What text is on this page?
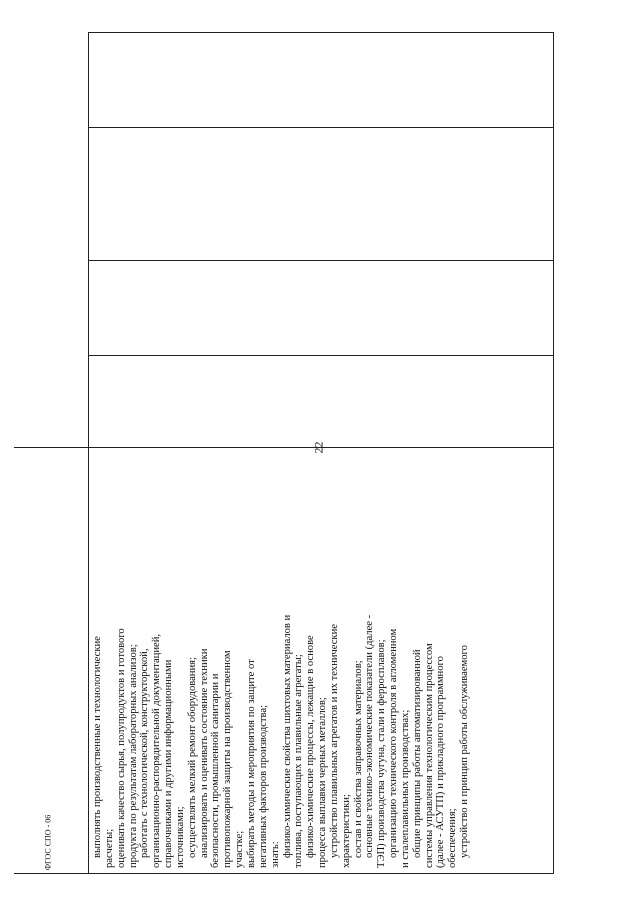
22
ФГОС СПО - 06	выполнять производственные и технологические расчеты; оценивать качество сырья, полупродуктов и готового продукта по результатам лабораторных анализов; работать с технологической, конструкторской, организационно-распорядительной документацией, справочниками и другими информационными источниками; осуществлять мелкий ремонт оборудования; анализировать и оценивать состояние техники безопасности, промышленной санитарии и противопожарной защиты на производственном участке; выбирать методы и мероприятия по защите от негативных факторов производства; знать: физико-химические свойства шихтовых материалов и топлива, поступающих в плавильные агрегаты; физико-химические процессы, лежащие в основе процесса выплавки черных металлов; устройство плавильных агрегатов и их технические характеристики; состав и свойства заправочных материалов; основные технико-экономические показатели (далее - ТЭП) производства чугуна, стали и ферросплавов; организацию технического контроля в агломенном и сталеплавильных производствах; общие принципы работы автоматизированной системы управления технологическим процессом (далее - АСУТП) и прикладного программного обеспечения; устройство и принцип работы обслуживаемого
